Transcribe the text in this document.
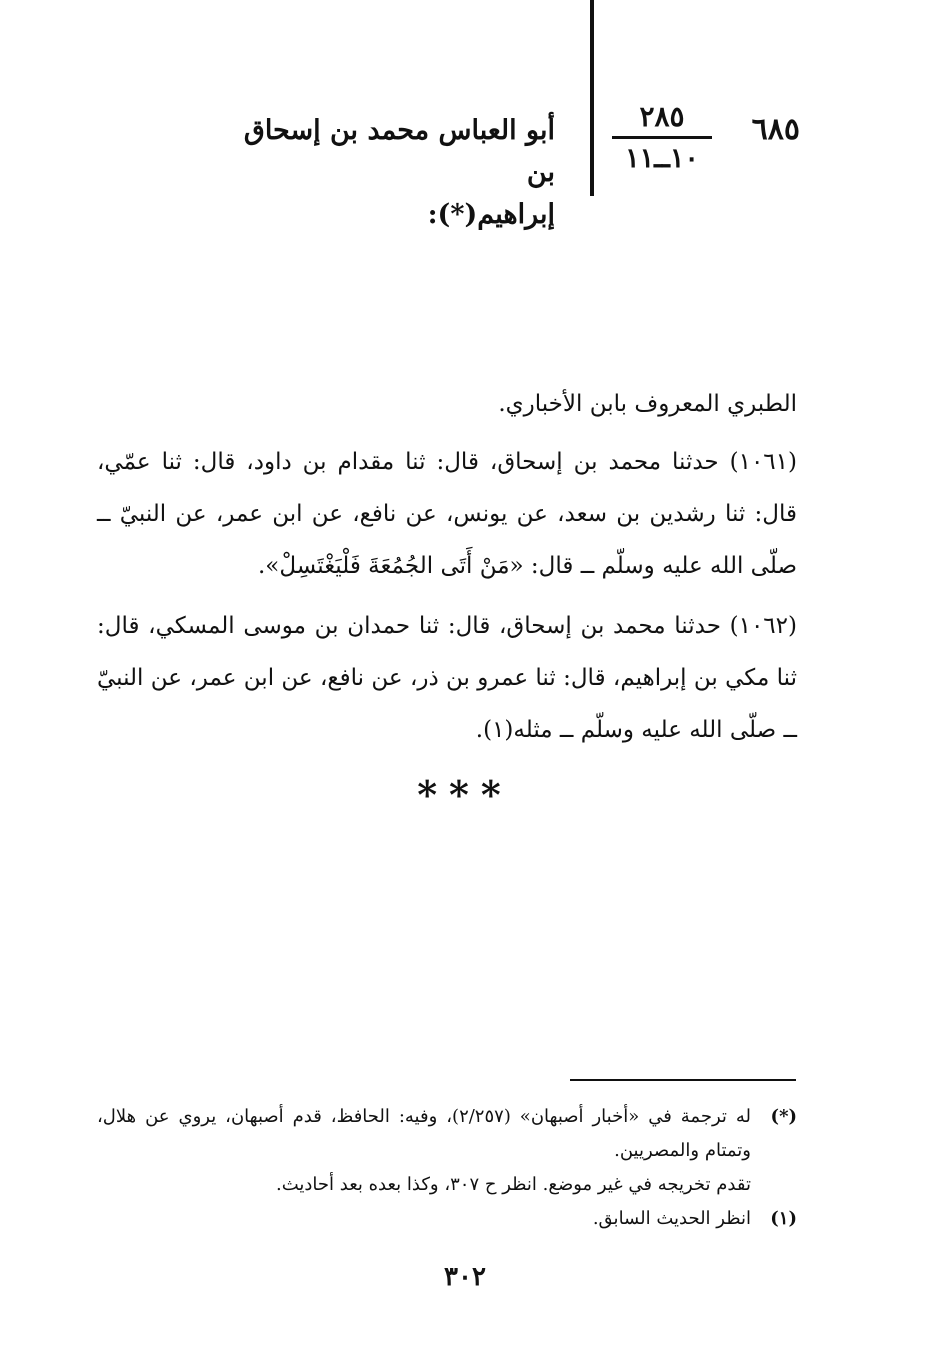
٦٨٥
٢٨٥
١٠ــ١١
أبو العباس محمد بن إسحاق بن
إبراهيم(*):

الطبري المعروف بابن الأخباري.

(١٠٦١) حدثنا محمد بن إسحاق، قال: ثنا مقدام بن داود، قال: ثنا عمّي، قال: ثنا رشدين بن سعد، عن يونس، عن نافع، عن ابن عمر، عن النبيّ ــ صلّى الله عليه وسلّم ــ قال: «مَنْ أَتَى الجُمُعَةَ فَلْيَغْتَسِلْ».

(١٠٦٢) حدثنا محمد بن إسحاق، قال: ثنا حمدان بن موسى المسكي، قال: ثنا مكي بن إبراهيم، قال: ثنا عمرو بن ذر، عن نافع، عن ابن عمر، عن النبيّ ــ صلّى الله عليه وسلّم ــ مثله(١).

***
(*)
له ترجمة في «أخبار أصبهان» (٢/٢٥٧)، وفيه: الحافظ، قدم أصبهان، يروي عن هلال، وتمتام والمصريين.
تقدم تخريجه في غير موضع. انظر ح ٣٠٧، وكذا بعده بعد أحاديث.
(١)
انظر الحديث السابق.
٣٠٢
